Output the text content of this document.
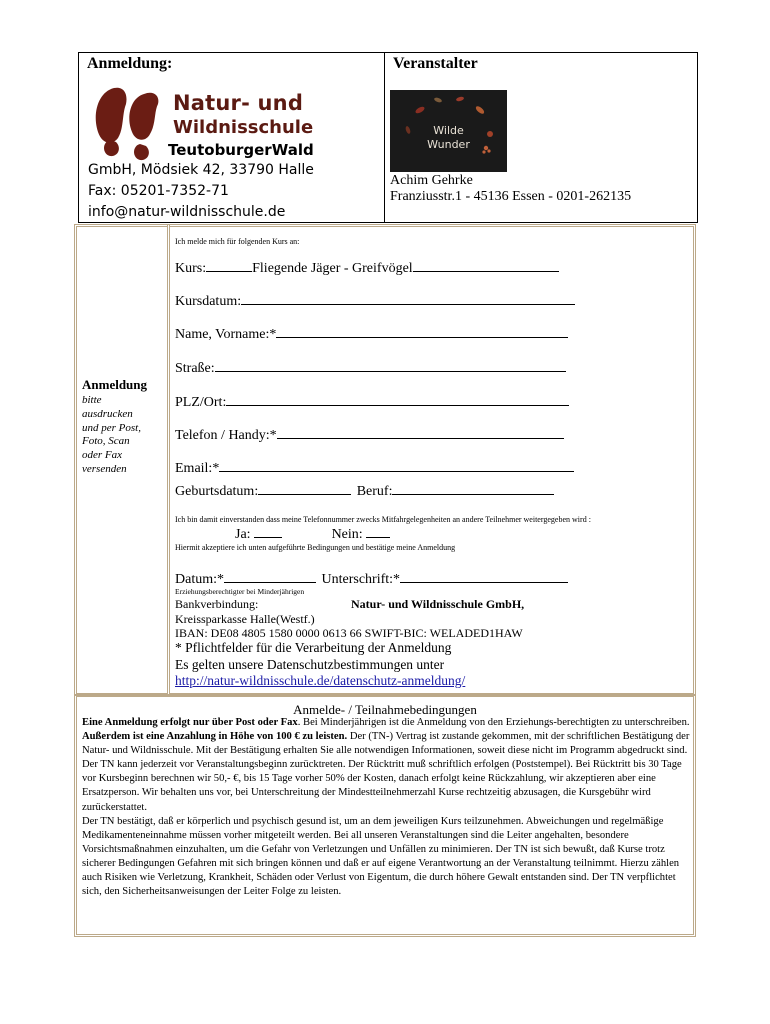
Anmeldung:	Veranstalter
Natur- und
Wildnisschule
TeutoburgerWald
GmbH, Mödsiek 42, 33790 Halle
Fax: 05201-7352-71
info@natur-wildnisschule.de
Wilde
Wunder
Achim Gehrke
Franziusstr.1 - 45136 Essen - 0201-262135
Anmeldung
bitte
ausdrucken
und per Post,
Foto, Scan
oder Fax
versenden
Ich melde mich für folgenden Kurs an:
Kurs:	Fliegende Jäger - Greifvögel
Kursdatum:
Name, Vorname:*
Straße:
PLZ/Ort:
Telefon / Handy:*
Email:*
Geburtsdatum:	Beruf:
Ich bin damit einverstanden dass meine Telefonnummer zwecks Mitfahrgelegenheiten an andere Teilnehmer weitergegeben wird :
Ja:	Nein:
Hiermit akzeptiere ich unten aufgeführte Bedingungen und bestätige meine Anmeldung
Datum:*	Unterschrift:*
Erziehungsberechtigter bei Minderjährigen
Bankverbindung:	Natur- und Wildnisschule GmbH,
Kreissparkasse Halle(Westf.)
IBAN: DE08 4805 1580 0000 0613 66 SWIFT-BIC: WELADED1HAW
* Pflichtfelder für die Verarbeitung der Anmeldung
Es gelten unsere Datenschutzbestimmungen unter
http://natur-wildnisschule.de/datenschutz-anmeldung/
Anmelde- / Teilnahmebedingungen

Eine Anmeldung erfolgt nur über Post oder Fax. Bei Minderjährigen ist die Anmeldung von den Erziehungs-berechtigten zu unterschreiben. Außerdem ist eine Anzahlung in Höhe von 100 € zu leisten. Der (TN-) Vertrag ist zustande gekommen, mit der schriftlichen Bestätigung der Natur- und Wildnisschule. Mit der Bestätigung erhalten Sie alle notwendigen Informationen, soweit diese nicht im Programm abgedruckt sind.

Der TN kann jederzeit vor Veranstaltungsbeginn zurücktreten. Der Rücktritt muß schriftlich erfolgen (Poststempel). Bei Rücktritt bis 30 Tage vor Kursbeginn berechnen wir 50,- €, bis 15 Tage vorher 50% der Kosten, danach erfolgt keine Rückzahlung, wir akzeptieren aber eine Ersatzperson. Wir behalten uns vor, bei Unterschreitung der Mindestteilnehmerzahl Kurse rechtzeitig abzusagen, die Kursgebühr wird zurückerstattet.

Der TN bestätigt, daß er körperlich und psychisch gesund ist, um an dem jeweiligen Kurs teilzunehmen. Abweichungen und regelmäßige Medikamenteneinnahme müssen vorher mitgeteilt werden. Bei all unseren Veranstaltungen sind die Leiter angehalten, besondere Vorsichtsmaßnahmen einzuhalten, um die Gefahr von Verletzungen und Unfällen zu minimieren. Der TN ist sich bewußt, daß Kurse trotz sicherer Bedingungen Gefahren mit sich bringen können und daß er auf eigene Verantwortung an der Veranstaltung teilnimmt. Hierzu zählen auch Risiken wie Verletzung, Krankheit, Schäden oder Verlust von Eigentum, die durch höhere Gewalt entstanden sind. Der TN verpflichtet sich, den Sicherheitsanweisungen der Leiter Folge zu leisten.
